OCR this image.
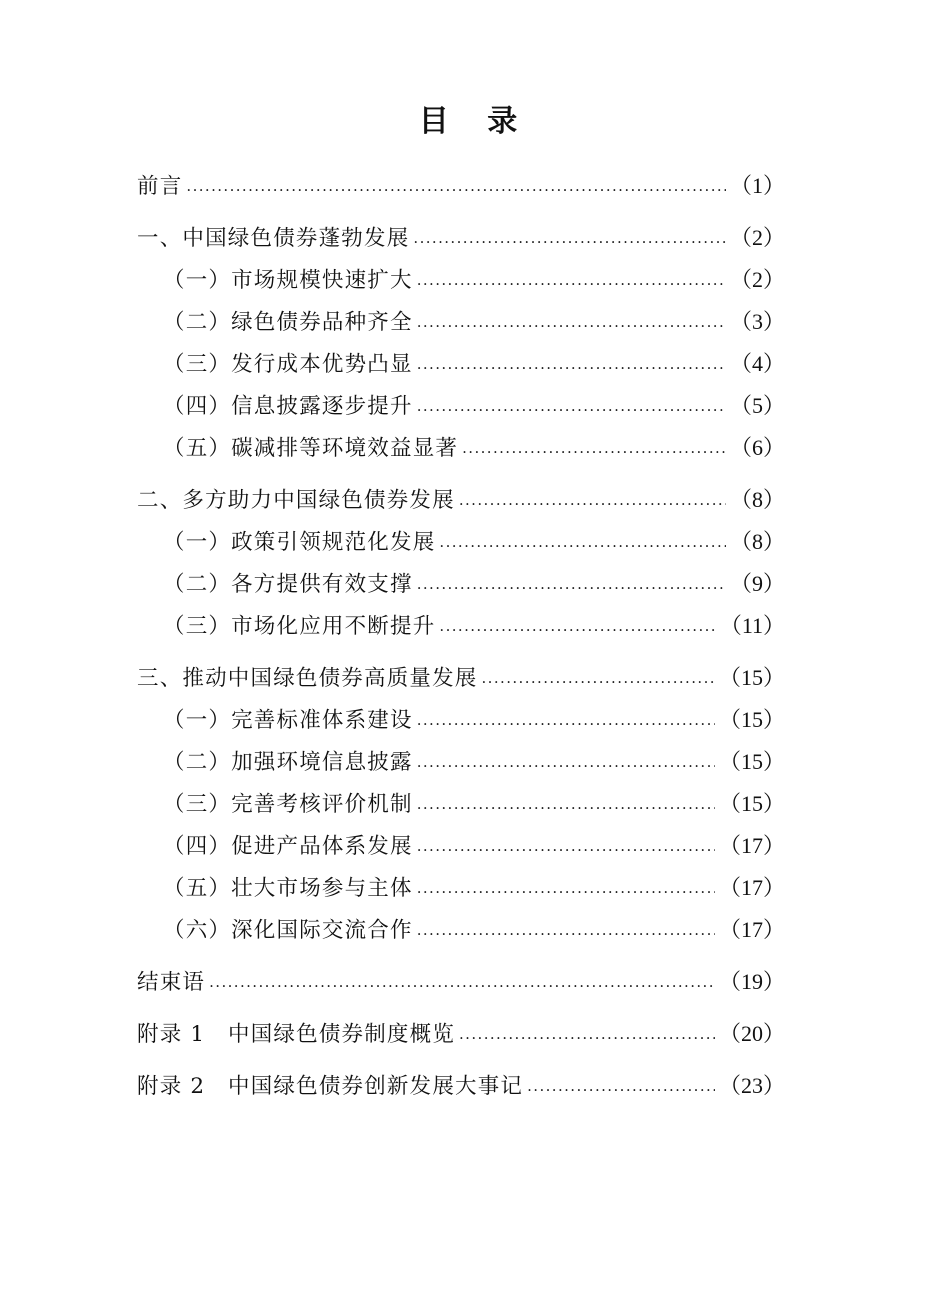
目 录
前言 .....	（1）
一、中国绿色债券蓬勃发展 .....	（2）
（一）市场规模快速扩大 .....	（2）
（二）绿色债券品种齐全 .....	（3）
（三）发行成本优势凸显 .....	（4）
（四）信息披露逐步提升 .....	（5）
（五）碳减排等环境效益显著 .....	（6）
二、多方助力中国绿色债券发展 .....	（8）
（一）政策引领规范化发展 .....	（8）
（二）各方提供有效支撑 .....	（9）
（三）市场化应用不断提升 .....	（11）
三、推动中国绿色债券高质量发展 .....	（15）
（一）完善标准体系建设 .....	（15）
（二）加强环境信息披露 .....	（15）
（三）完善考核评价机制 .....	（15）
（四）促进产品体系发展 .....	（17）
（五）壮大市场参与主体 .....	（17）
（六）深化国际交流合作 .....	（17）
结束语 .....	（19）
附录 1　中国绿色债券制度概览 .....	（20）
附录 2　中国绿色债券创新发展大事记 .....	（23）
